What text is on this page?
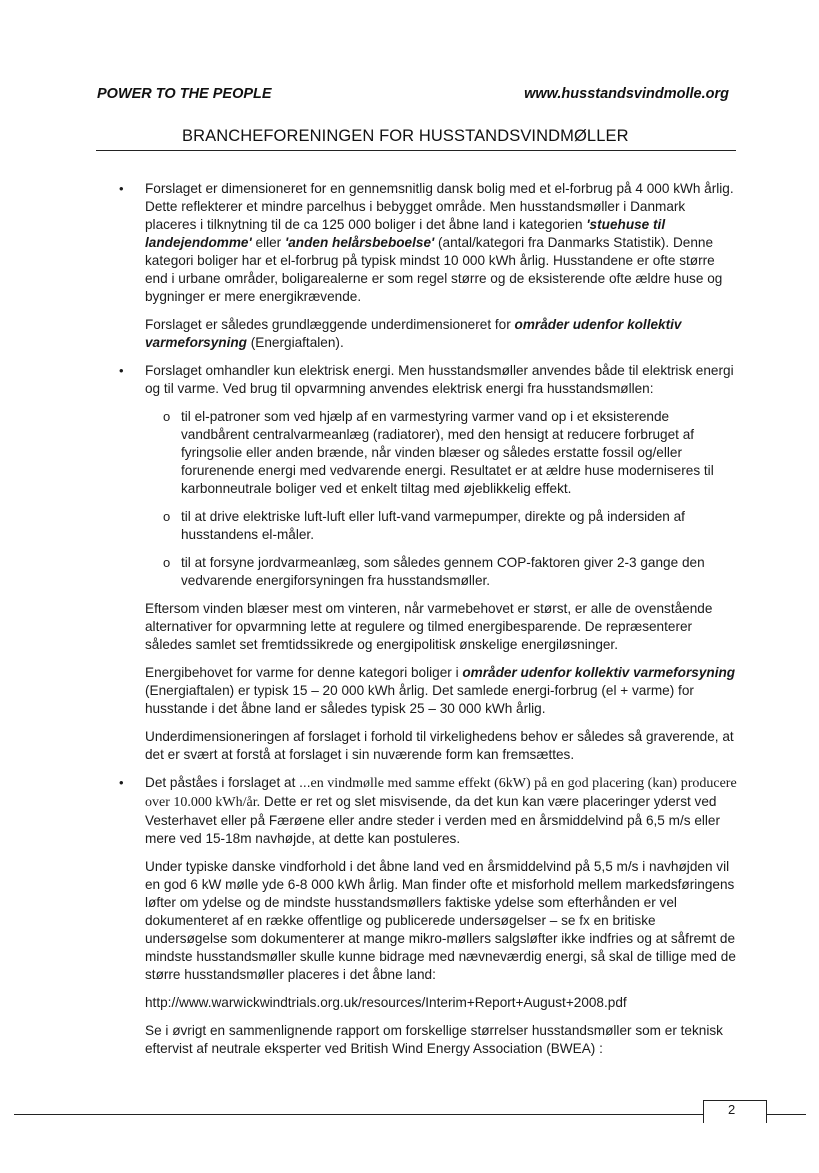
POWER TO THE PEOPLE	www.husstandsvindmolle.org
BRANCHEFORENINGEN FOR HUSSTANDSVINDMØLLER
• Forslaget er dimensioneret for en gennemsnitlig dansk bolig med et el-forbrug på 4 000 kWh årlig. Dette reflekterer et mindre parcelhus i bebygget område. Men husstandsmøller i Danmark placeres i tilknytning til de ca 125 000 boliger i det åbne land i kategorien 'stuehuse til landejendomme' eller 'anden helårsbeboelse' (antal/kategori fra Danmarks Statistik). Denne kategori boliger har et el-forbrug på typisk mindst 10 000 kWh årlig. Husstandene er ofte større end i urbane områder, boligarealerne er som regel større og de eksisterende ofte ældre huse og bygninger er mere energikrævende.

Forslaget er således grundlæggende underdimensioneret for områder udenfor kollektiv varmeforsyning (Energiaftalen).

• Forslaget omhandler kun elektrisk energi. Men husstandsmøller anvendes både til elektrisk energi og til varme. Ved brug til opvarmning anvendes elektrisk energi fra husstandsmøllen:
o til el-patroner som ved hjælp af en varmestyring varmer vand op i et eksisterende vandbårent centralvarmeanlæg (radiatorer), med den hensigt at reducere forbruget af fyringsolie eller anden brænde, når vinden blæser og således erstatte fossil og/eller forurenende energi med vedvarende energi. Resultatet er at ældre huse moderniseres til karbonneutrale boliger ved et enkelt tiltag med øjeblikkelig effekt.
o til at drive elektriske luft-luft eller luft-vand varmepumper, direkte og på indersiden af husstandens el-måler.
o til at forsyne jordvarmeanlæg, som således gennem COP-faktoren giver 2-3 gange den vedvarende energiforsyningen fra husstandsmøller.

Eftersom vinden blæser mest om vinteren, når varmebehovet er størst, er alle de ovenstående alternativer for opvarmning lette at regulere og tilmed energibesparende. De repræsenterer således samlet set fremtidssikrede og energipolitisk ønskelige energiløsninger.

Energibehovet for varme for denne kategori boliger i områder udenfor kollektiv varmeforsyning (Energiaftalen) er typisk 15 – 20 000 kWh årlig. Det samlede energi-forbrug (el + varme) for husstande i det åbne land er således typisk 25 – 30 000 kWh årlig.

Underdimensioneringen af forslaget i forhold til virkelighedens behov er således så graverende, at det er svært at forstå at forslaget i sin nuværende form kan fremsættes.

• Det påståes i forslaget at ...en vindmølle med samme effekt (6kW) på en god placering (kan) producere over 10.000 kWh/år. Dette er ret og slet misvisende, da det kun kan være placeringer yderst ved Vesterhavet eller på Færøene eller andre steder i verden med en årsmiddelvind på 6,5 m/s eller mere ved 15-18m navhøjde, at dette kan postuleres.

Under typiske danske vindforhold i det åbne land ved en årsmiddelvind på 5,5 m/s i navhøjden vil en god 6 kW mølle yde 6-8 000 kWh årlig. Man finder ofte et misforhold mellem markedsføringens løfter om ydelse og de mindste husstandsmøllers faktiske ydelse som efterhånden er vel dokumenteret af en række offentlige og publicerede undersøgelser – se fx en britiske undersøgelse som dokumenterer at mange mikro-møllers salgsløfter ikke indfries og at såfremt de mindste husstandsmøller skulle kunne bidrage med nævneværdig energi, så skal de tillige med de større husstandsmøller placeres i det åbne land:

http://www.warwickwindtrials.org.uk/resources/Interim+Report+August+2008.pdf

Se i øvrigt en sammenlignende rapport om forskellige størrelser husstandsmøller som er teknisk eftervist af neutrale eksperter ved British Wind Energy Association (BWEA) :

2
